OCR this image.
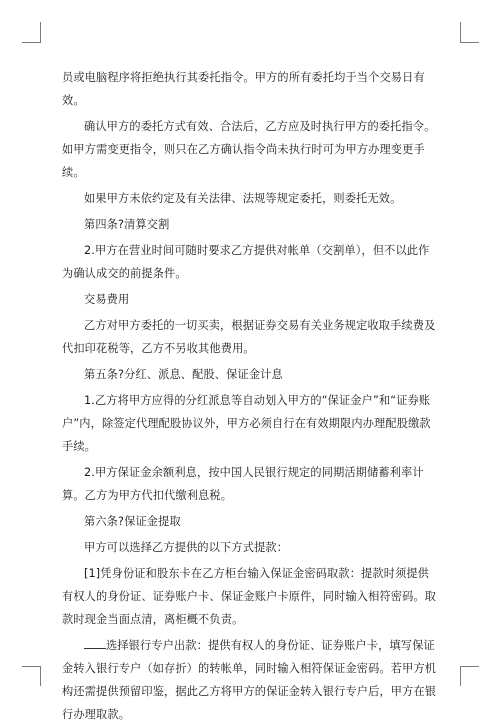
员或电脑程序将拒绝执行其委托指令。甲方的所有委托均于当个交易日有效。

确认甲方的委托方式有效、合法后，乙方应及时执行甲方的委托指令。如甲方需变更指令，则只在乙方确认指令尚未执行时可为甲方办理变更手续。

如果甲方未依约定及有关法律、法规等规定委托，则委托无效。

第四条?清算交割

2.甲方在营业时间可随时要求乙方提供对帐单（交割单），但不以此作为确认成交的前提条件。

交易费用

乙方对甲方委托的一切买卖，根据证券交易有关业务规定收取手续费及代扣印花税等，乙方不另收其他费用。

第五条?分红、派息、配股、保证金计息

1.乙方将甲方应得的分红派息等自动划入甲方的“保证金户”和“证券账户”内，除签定代理配股协议外，甲方必须自行在有效期限内办理配股缴款手续。

2.甲方保证金余额利息，按中国人民银行规定的同期活期储蓄利率计算。乙方为甲方代扣代缴利息税。

第六条?保证金提取

甲方可以选择乙方提供的以下方式提款：

[1]凭身份证和股东卡在乙方柜台输入保证金密码取款：提款时须提供有权人的身份证、证券账户卡、保证金账户卡原件，同时输入相符密码。取款时现金当面点清，离柜概不负责。

选择银行专户出款：提供有权人的身份证、证券账户卡，填写保证金转入银行专户（如存折）的转帐单，同时输入相符保证金密码。若甲方机构还需提供预留印鉴，据此乙方将甲方的保证金转入银行专户后，甲方在银行办理取款。
